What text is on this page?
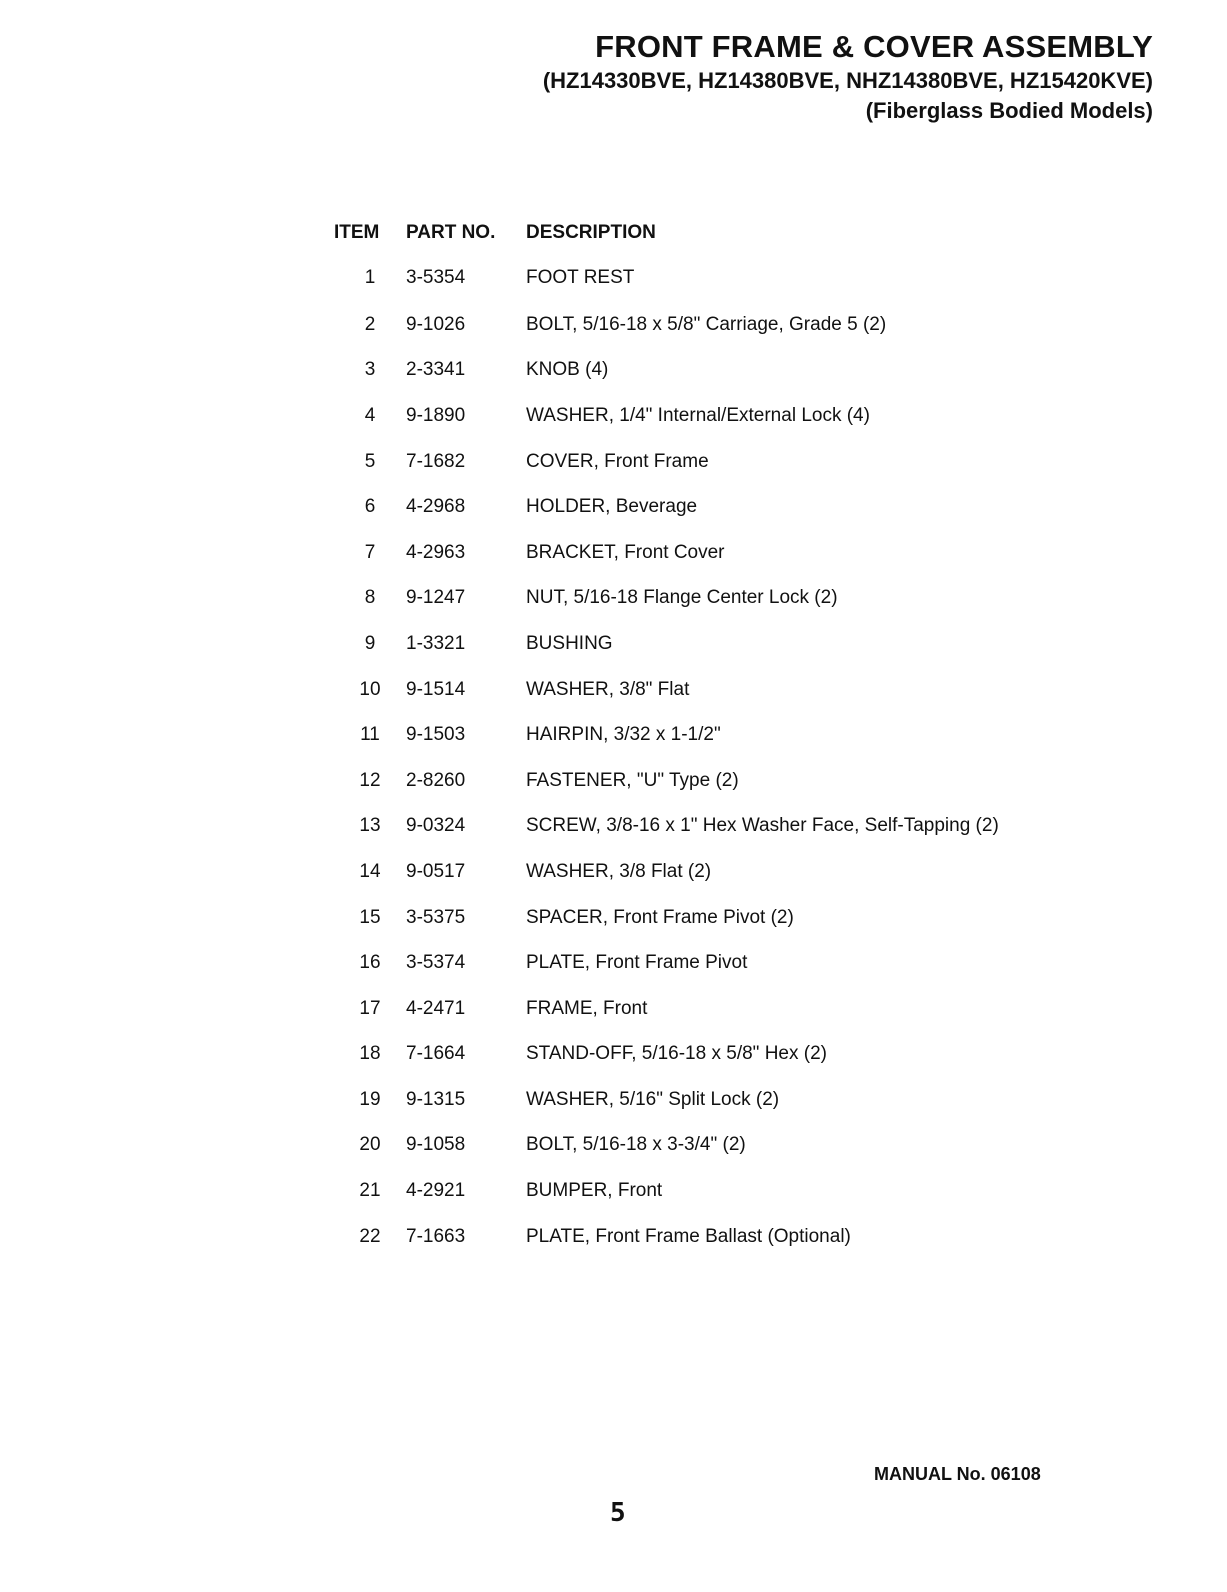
FRONT FRAME & COVER ASSEMBLY
(HZ14330BVE, HZ14380BVE, NHZ14380BVE, HZ15420KVE)
(Fiberglass Bodied Models)
ITEM	PART NO.	DESCRIPTION
1	3-5354	FOOT REST
2	9-1026	BOLT, 5/16-18 x 5/8" Carriage, Grade 5 (2)
3	2-3341	KNOB (4)
4	9-1890	WASHER, 1/4" Internal/External Lock (4)
5	7-1682	COVER, Front Frame
6	4-2968	HOLDER, Beverage
7	4-2963	BRACKET, Front Cover
8	9-1247	NUT, 5/16-18 Flange Center Lock (2)
9	1-3321	BUSHING
10	9-1514	WASHER, 3/8" Flat
11	9-1503	HAIRPIN, 3/32 x 1-1/2"
12	2-8260	FASTENER, "U" Type (2)
13	9-0324	SCREW, 3/8-16 x 1" Hex Washer Face, Self-Tapping (2)
14	9-0517	WASHER, 3/8 Flat (2)
15	3-5375	SPACER, Front Frame Pivot (2)
16	3-5374	PLATE, Front Frame Pivot
17	4-2471	FRAME, Front
18	7-1664	STAND-OFF, 5/16-18 x 5/8" Hex (2)
19	9-1315	WASHER, 5/16" Split Lock (2)
20	9-1058	BOLT, 5/16-18 x 3-3/4" (2)
21	4-2921	BUMPER, Front
22	7-1663	PLATE, Front Frame Ballast (Optional)
MANUAL No. 06108
5
